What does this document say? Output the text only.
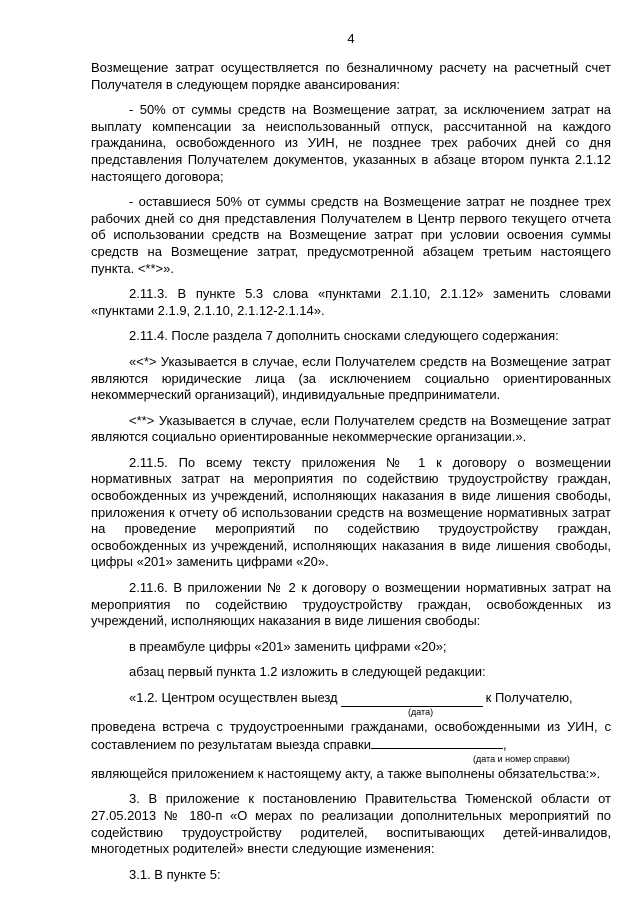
4

Возмещение затрат осуществляется по безналичному расчету на расчетный счет Получателя в следующем порядке авансирования:

- 50% от суммы средств на Возмещение затрат, за исключением затрат на выплату компенсации за неиспользованный отпуск, рассчитанной на каждого гражданина, освобожденного из УИН, не позднее трех рабочих дней со дня представления Получателем документов, указанных в абзаце втором пункта 2.1.12 настоящего договора;

- оставшиеся 50% от суммы средств на Возмещение затрат не позднее трех рабочих дней со дня представления Получателем в Центр первого текущего отчета об использовании средств на Возмещение затрат при условии освоения суммы средств на Возмещение затрат, предусмотренной абзацем третьим настоящего пункта. <**>».

2.11.3. В пункте 5.3 слова «пунктами 2.1.10, 2.1.12» заменить словами «пунктами 2.1.9, 2.1.10, 2.1.12-2.1.14».

2.11.4. После раздела 7 дополнить сносками следующего содержания:

«<*> Указывается в случае, если Получателем средств на Возмещение затрат являются юридические лица (за исключением социально ориентированных некоммерческий организаций), индивидуальные предприниматели.

<**> Указывается в случае, если Получателем средств на Возмещение затрат являются социально ориентированные некоммерческие организации.».

2.11.5. По всему тексту приложения № 1 к договору о возмещении нормативных затрат на мероприятия по содействию трудоустройству граждан, освобожденных из учреждений, исполняющих наказания в виде лишения свободы, приложения к отчету об использовании средств на возмещение нормативных затрат на проведение мероприятий по содействию трудоустройству граждан, освобожденных из учреждений, исполняющих наказания в виде лишения свободы, цифры «201» заменить цифрами «20».

2.11.6. В приложении № 2 к договору о возмещении нормативных затрат на мероприятия по содействию трудоустройству граждан, освобожденных из учреждений, исполняющих наказания в виде лишения свободы:

в преамбуле цифры «201» заменить цифрами «20»;

абзац первый пункта 1.2 изложить в следующей редакции:

«1.2. Центром осуществлен выезд	к Получателю,
(дата)

проведена встреча с трудоустроенными гражданами, освобожденными из УИН, с составлением по результатам выезда справки	,

(дата и номер справки)

являющейся приложением к настоящему акту, а также выполнены обязательства:».

3. В приложение к постановлению Правительства Тюменской области от 27.05.2013 № 180-п «О мерах по реализации дополнительных мероприятий по содействию трудоустройству родителей, воспитывающих детей-инвалидов, многодетных родителей» внести следующие изменения:

3.1. В пункте 5:
